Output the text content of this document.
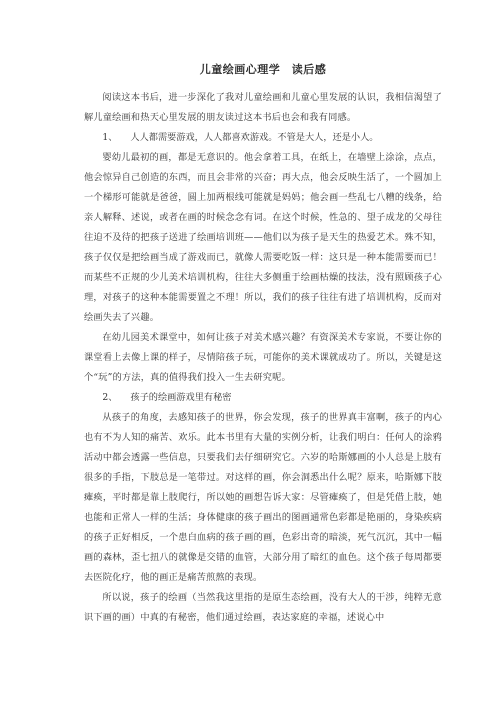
儿童绘画心理学　读后感

阅读这本书后，进一步深化了我对儿童绘画和儿童心里发展的认识，我相信渴望了解儿童绘画和热天心里发展的朋友读过这本书后也会和我有同感。

1、 人人都需要游戏，人人都喜欢游戏。不管是大人，还是小人。

婴幼儿最初的画，都是无意识的。他会拿着工具，在纸上，在墙壁上涂涂，点点，他会惊异自己创造的东西，而且会非常的兴奋；再大点，他会反映生活了，一个圆加上一个梯形可能就是爸爸，圆上加两根线可能就是妈妈；他会画一些乱七八糟的线条，给亲人解释、述说，或者在画的时候念念有词。在这个时候，性急的、望子成龙的父母往往迫不及待的把孩子送进了绘画培训班——他们以为孩子是天生的热爱艺术。殊不知，孩子仅仅是把绘画当成了游戏而已，就像人需要吃饭一样：这只是一种本能需要而已！而某些不正规的少儿美术培训机构，往往大多侧重于绘画枯燥的技法，没有照顾孩子心理，对孩子的这种本能需要置之不理！所以，我们的孩子往往有进了培训机构，反而对绘画失去了兴趣。

在幼儿园美术课堂中，如何让孩子对美术感兴趣？有资深美术专家说，不要让你的课堂看上去像上课的样子，尽情陪孩子玩，可能你的美术课就成功了。所以，关键是这个“玩”的方法，真的值得我们投入一生去研究呢。

2、 孩子的绘画游戏里有秘密

从孩子的角度，去感知孩子的世界，你会发现，孩子的世界真丰富啊，孩子的内心也有不为人知的痛苦、欢乐。此本书里有大量的实例分析，让我们明白：任何人的涂鸦活动中都会透露一些信息，只要我们去仔细研究它。六岁的哈斯娜画的小人总是上肢有很多的手指，下肢总是一笔带过。对这样的画，你会洞悉出什么呢？原来，哈斯娜下肢瘫痪，平时都是靠上肢爬行，所以她的画想告诉大家：尽管瘫痪了，但是凭借上肢，她也能和正常人一样的生活；身体健康的孩子画出的图画通常色彩都是艳丽的，身染疾病的孩子正好相反，一个患白血病的孩子画的画，色彩出奇的暗淡，死气沉沉，其中一幅画的森林，歪七扭八的就像是交错的血管，大部分用了暗红的血色。这个孩子每周都要去医院化疗，他的画正是痛苦煎熬的表现。

所以说，孩子的绘画（当然我这里指的是原生态绘画，没有大人的干涉，纯粹无意识下画的画）中真的有秘密，他们通过绘画，表达家庭的幸福，述说心中
